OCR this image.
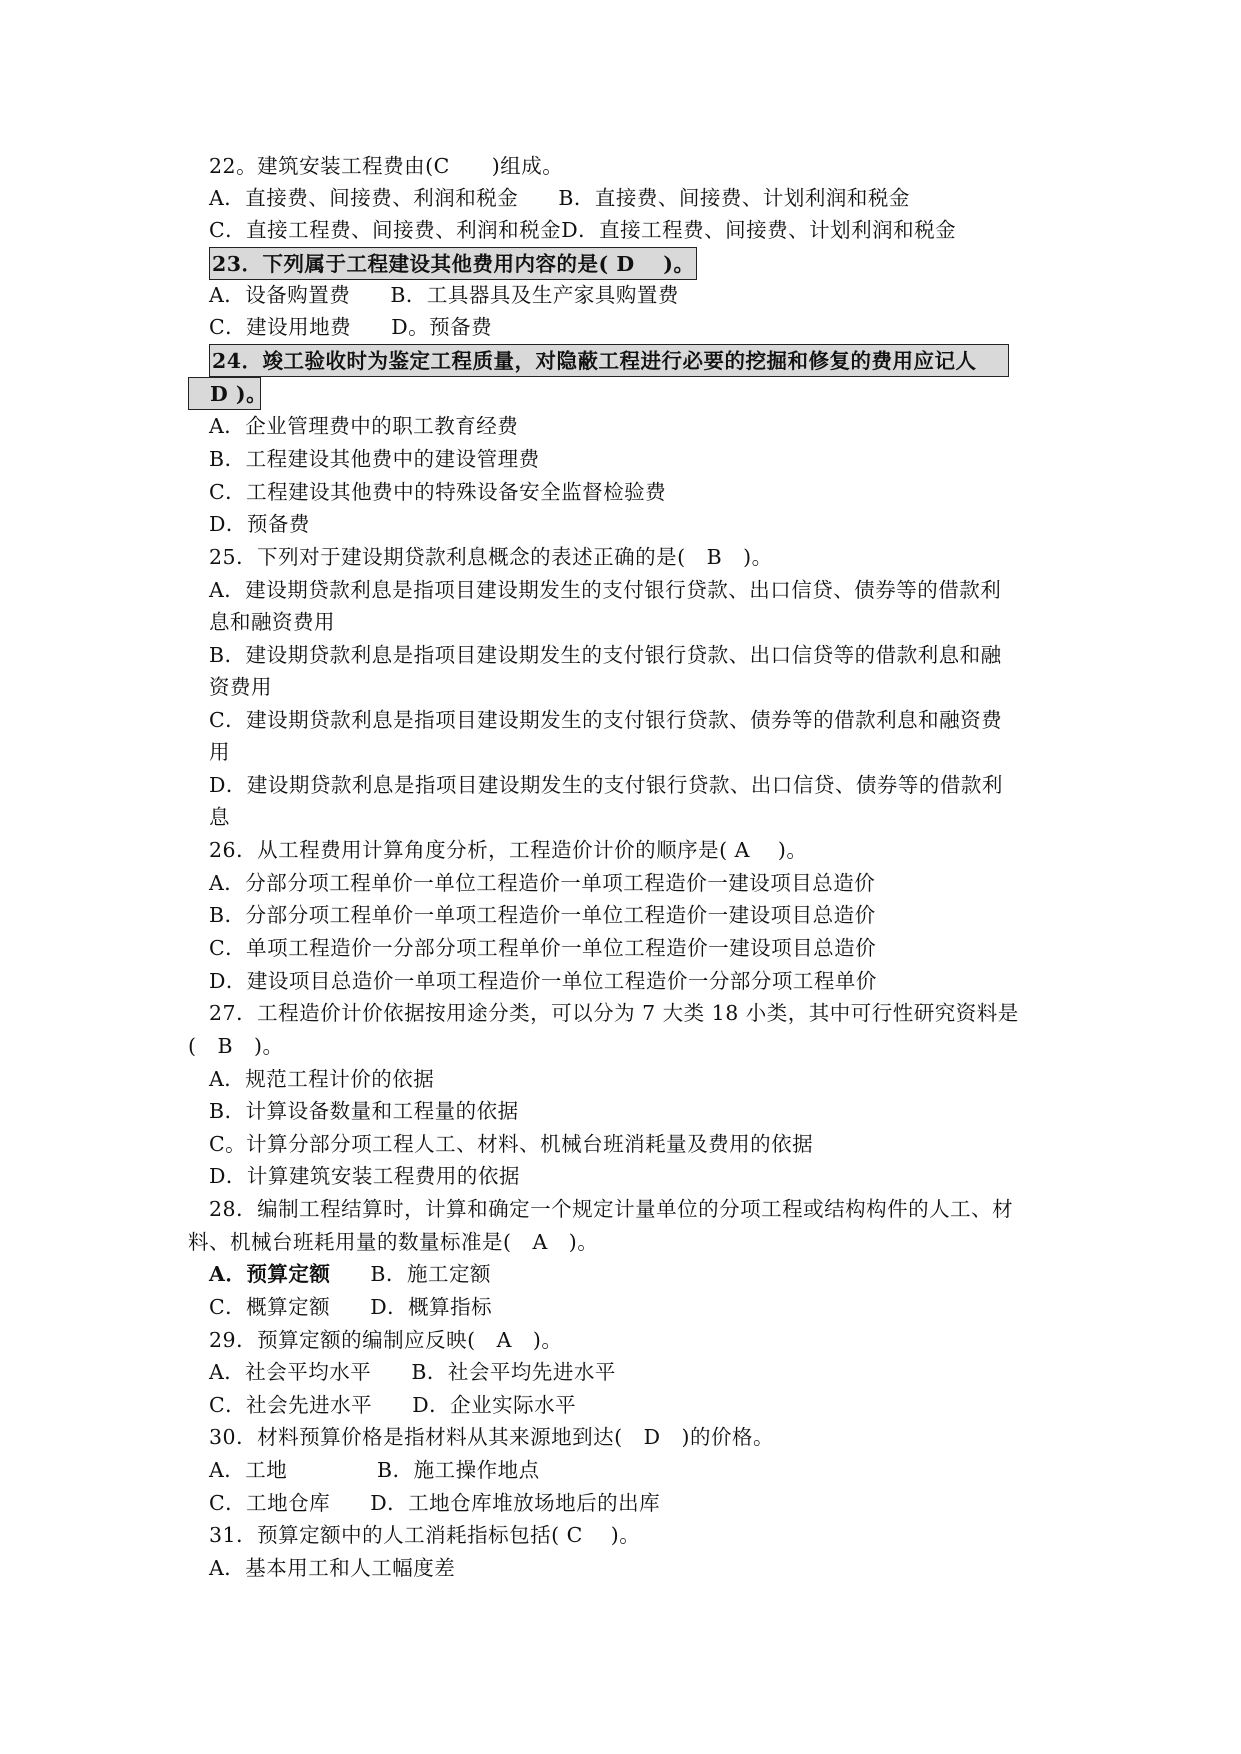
22。建筑安装工程费由(C　　)组成。
A．直接费、间接费、利润和税金 B．直接费、间接费、计划利润和税金
C．直接工程费、间接费、利润和税金D．直接工程费、间接费、计划利润和税金
23．下列属于工程建设其他费用内容的是( D　 )。
A．设备购置费 B．工具器具及生产家具购置费
C．建设用地费 D。预备费
24．竣工验收时为鉴定工程质量，对隐蔽工程进行必要的挖掘和修复的费用应记人
D )。
A．企业管理费中的职工教育经费
B．工程建设其他费中的建设管理费
C．工程建设其他费中的特殊设备安全监督检验费
D．预备费
25．下列对于建设期贷款利息概念的表述正确的是(　B　)。
A．建设期贷款利息是指项目建设期发生的支付银行贷款、出口信贷、债券等的借款利
息和融资费用
B．建设期贷款利息是指项目建设期发生的支付银行贷款、出口信贷等的借款利息和融
资费用
C．建设期贷款利息是指项目建设期发生的支付银行贷款、债券等的借款利息和融资费
用
D．建设期贷款利息是指项目建设期发生的支付银行贷款、出口信贷、债券等的借款利
息
26．从工程费用计算角度分析，工程造价计价的顺序是( A　 )。
A．分部分项工程单价一单位工程造价一单项工程造价一建设项目总造价
B．分部分项工程单价一单项工程造价一单位工程造价一建设项目总造价
C．单项工程造价一分部分项工程单价一单位工程造价一建设项目总造价
D．建设项目总造价一单项工程造价一单位工程造价一分部分项工程单价
27．工程造价计价依据按用途分类，可以分为 7 大类 18 小类，其中可行性研究资料是
(　B　)。
A．规范工程计价的依据
B．计算设备数量和工程量的依据
C。计算分部分项工程人工、材料、机械台班消耗量及费用的依据
D．计算建筑安装工程费用的依据
28．编制工程结算时，计算和确定一个规定计量单位的分项工程或结构构件的人工、材
料、机械台班耗用量的数量标准是(　A　)。
A．预算定额 B．施工定额
C．概算定额 D．概算指标
29．预算定额的编制应反映(　A　)。
A．社会平均水平 B．社会平均先进水平
C．社会先进水平 D．企业实际水平
30．材料预算价格是指材料从其来源地到达(　D　)的价格。
A．工地	B．施工操作地点
C．工地仓库 D．工地仓库堆放场地后的出库
31．预算定额中的人工消耗指标包括( C　 )。
A．基本用工和人工幅度差
